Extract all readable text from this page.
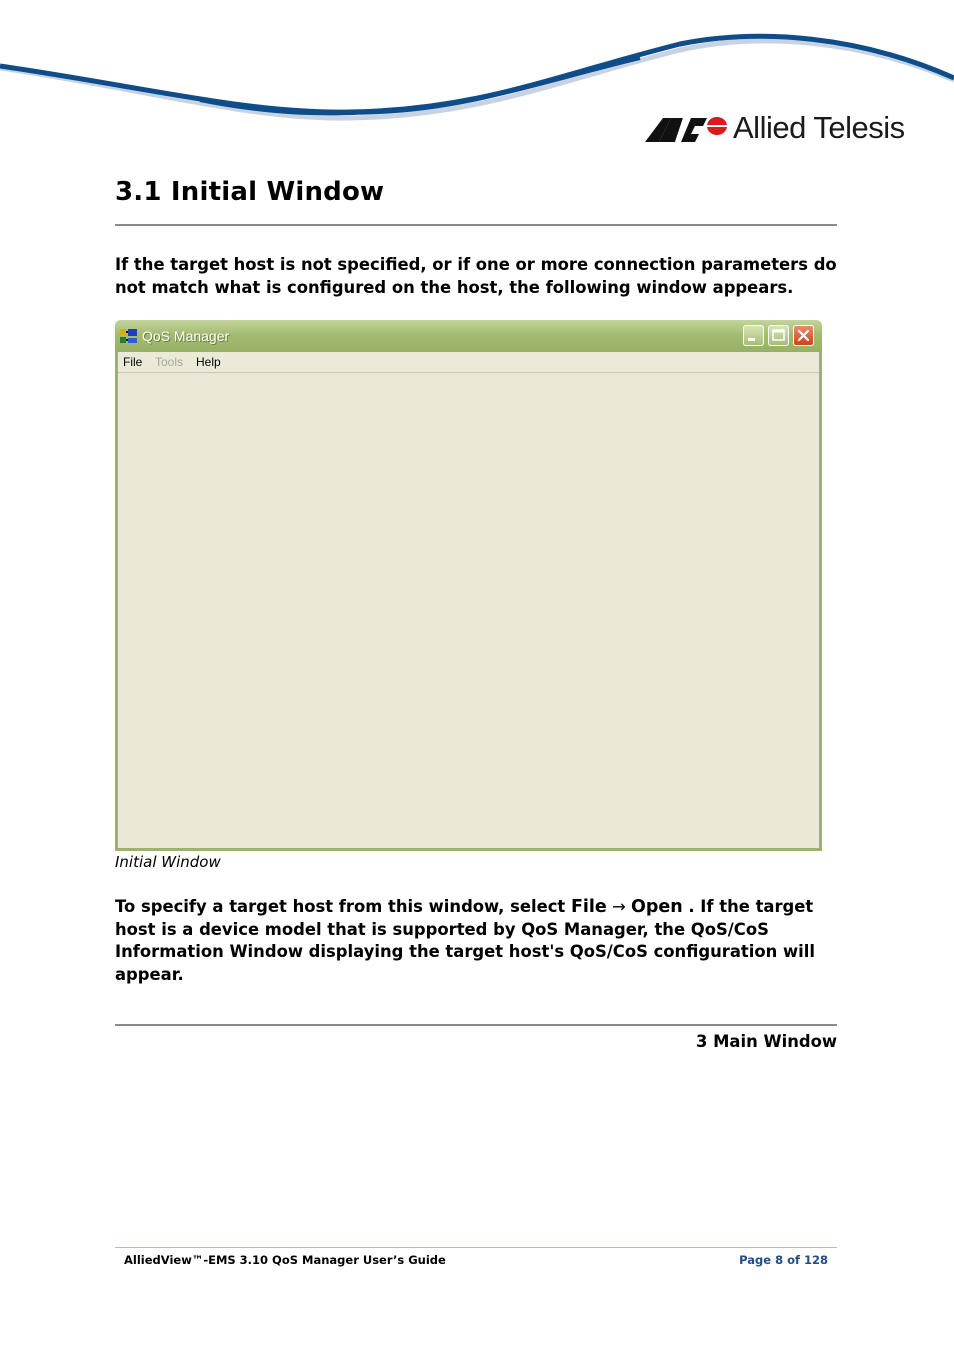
Allied Telesis
3.1 Initial Window
If the target host is not specified, or if one or more connection parameters do not match what is configured on the host, the following window appears.
QoS Manager
File Tools Help
Initial Window
To specify a target host from this window, select File → Open . If the target host is a device model that is supported by QoS Manager, the QoS/CoS Information Window displaying the target host's QoS/CoS configuration will appear.
3 Main Window
AlliedView™-EMS 3.10 QoS Manager User’s Guide	Page 8 of 128
